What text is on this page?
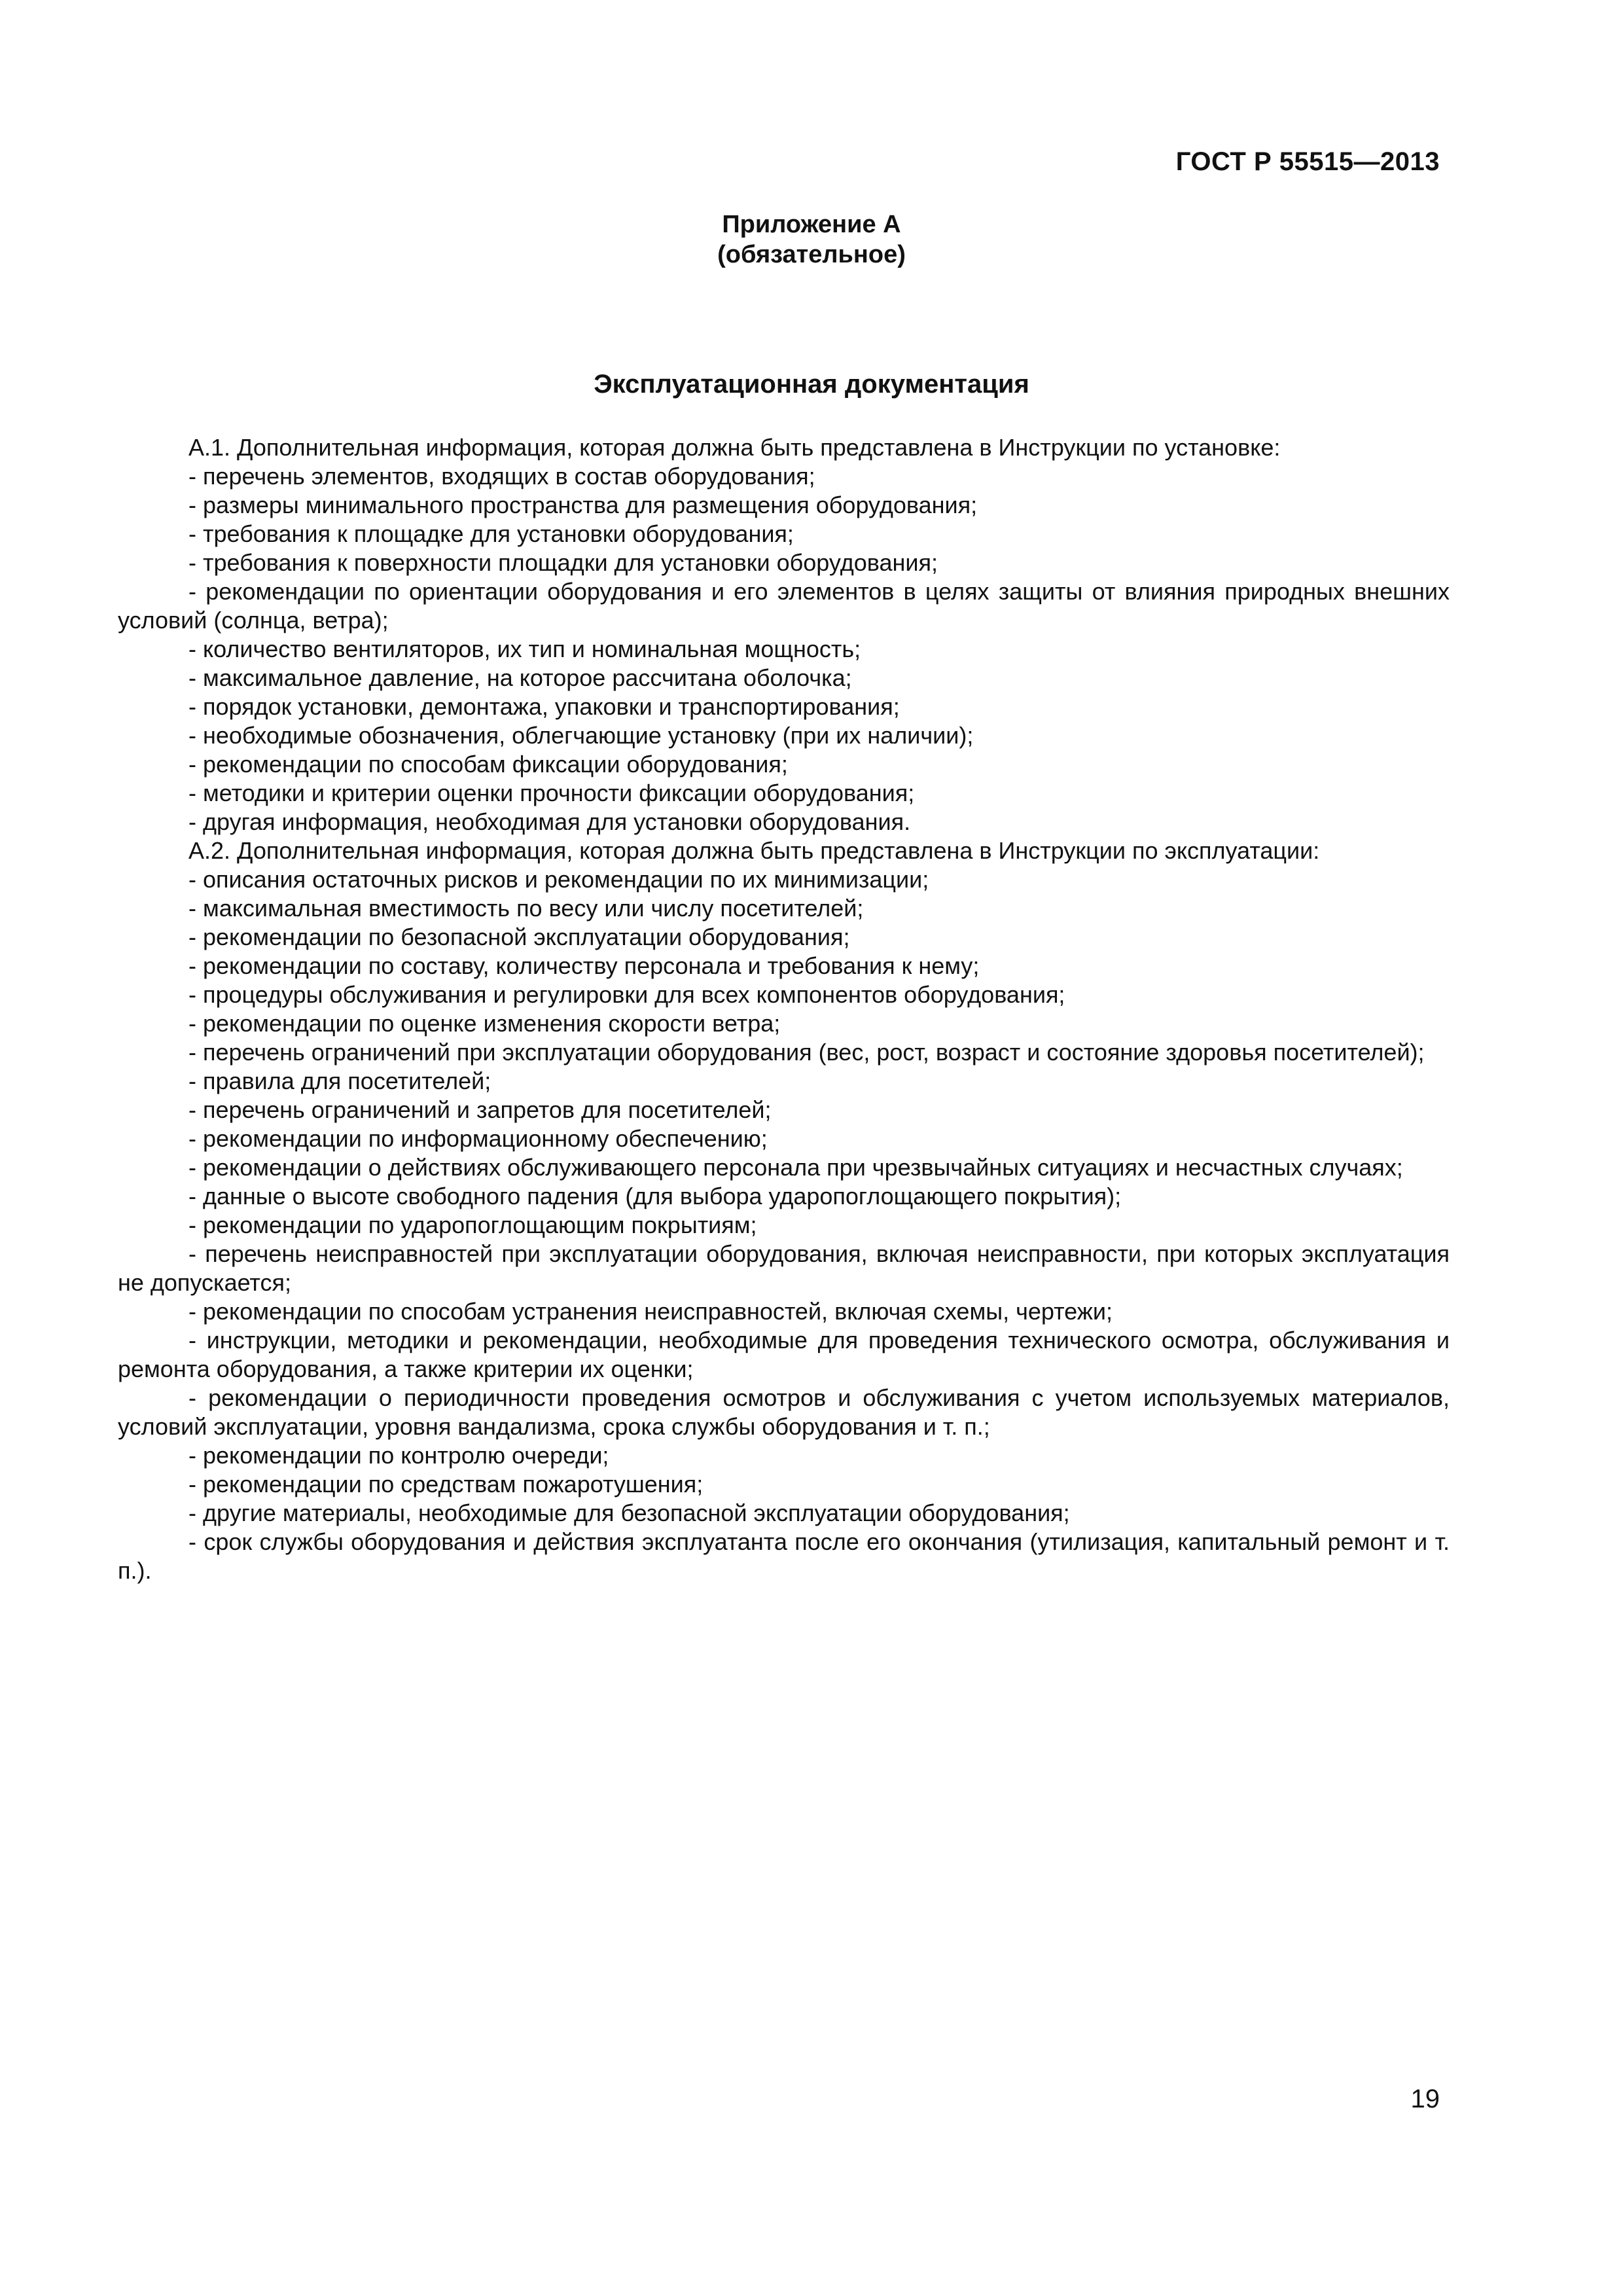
ГОСТ Р 55515—2013
Приложение А
(обязательное)
Эксплуатационная документация

А.1. Дополнительная информация, которая должна быть представлена в Инструкции по установке:

- перечень элементов, входящих в состав оборудования;

- размеры минимального пространства для размещения оборудования;

- требования к площадке для установки оборудования;

- требования к поверхности площадки для установки оборудования;

- рекомендации по ориентации оборудования и его элементов в целях защиты от влияния природных внешних условий (солнца, ветра);

- количество вентиляторов, их тип и номинальная мощность;

- максимальное давление, на которое рассчитана оболочка;

- порядок установки, демонтажа, упаковки и транспортирования;

- необходимые обозначения, облегчающие установку (при их наличии);

- рекомендации по способам фиксации оборудования;

- методики и критерии оценки прочности фиксации оборудования;

- другая информация, необходимая для установки оборудования.

А.2. Дополнительная информация, которая должна быть представлена в Инструкции по эксплуатации:

- описания остаточных рисков и рекомендации по их минимизации;

- максимальная вместимость по весу или числу посетителей;

- рекомендации по безопасной эксплуатации оборудования;

- рекомендации по составу, количеству персонала и требования к нему;

- процедуры обслуживания и регулировки для всех компонентов оборудования;

- рекомендации по оценке изменения скорости ветра;

- перечень ограничений при эксплуатации оборудования (вес, рост, возраст и состояние здоровья посетителей);

- правила для посетителей;

- перечень ограничений и запретов для посетителей;

- рекомендации по информационному обеспечению;

- рекомендации о действиях обслуживающего персонала при чрезвычайных ситуациях и несчастных случаях;

- данные о высоте свободного падения (для выбора ударопоглощающего покрытия);

- рекомендации по ударопоглощающим покрытиям;

- перечень неисправностей при эксплуатации оборудования, включая неисправности, при которых эксплуатация не допускается;

- рекомендации по способам устранения неисправностей, включая схемы, чертежи;

- инструкции, методики и рекомендации, необходимые для проведения технического осмотра, обслуживания и ремонта оборудования, а также критерии их оценки;

- рекомендации о периодичности проведения осмотров и обслуживания с учетом используемых материалов, условий эксплуатации, уровня вандализма, срока службы оборудования и т. п.;

- рекомендации по контролю очереди;

- рекомендации по средствам пожаротушения;

- другие материалы, необходимые для безопасной эксплуатации оборудования;

- срок службы оборудования и действия эксплуатанта после его окончания (утилизация, капитальный ремонт и т. п.).

19
